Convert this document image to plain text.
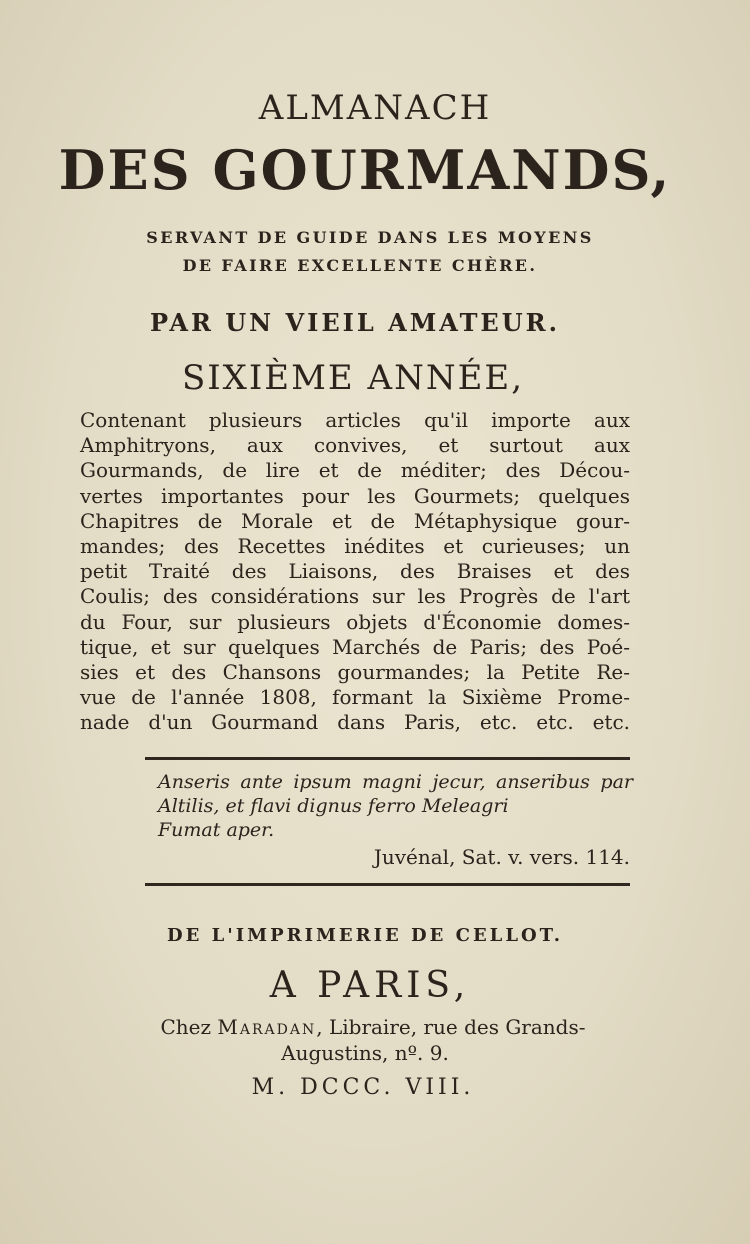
ALMANACH
DES GOURMANDS,
SERVANT DE GUIDE DANS LES MOYENS
DE FAIRE EXCELLENTE CHÈRE.
PAR UN VIEIL AMATEUR.
SIXIÈME ANNÉE,
Contenant plusieurs articles qu'il importe aux
Amphitryons, aux convives, et surtout aux
Gourmands, de lire et de méditer; des Décou-
vertes importantes pour les Gourmets; quelques
Chapitres de Morale et de Métaphysique gour-
mandes; des Recettes inédites et curieuses; un
petit Traité des Liaisons, des Braises et des
Coulis; des considérations sur les Progrès de l'art
du Four, sur plusieurs objets d'Économie domes-
tique, et sur quelques Marchés de Paris; des Poé-
sies et des Chansons gourmandes; la Petite Re-
vue de l'année 1808, formant la Sixième Prome-
nade d'un Gourmand dans Paris, etc. etc. etc.
Anseris ante ipsum magni jecur, anseribus par
Altilis, et flavi dignus ferro Meleagri
Fumat aper.
Juvénal, Sat. v. vers. 114.
DE L'IMPRIMERIE DE CELLOT.
A PARIS,
Chez Maradan, Libraire, rue des Grands-
Augustins, nº. 9.
M. DCCC. VIII.
